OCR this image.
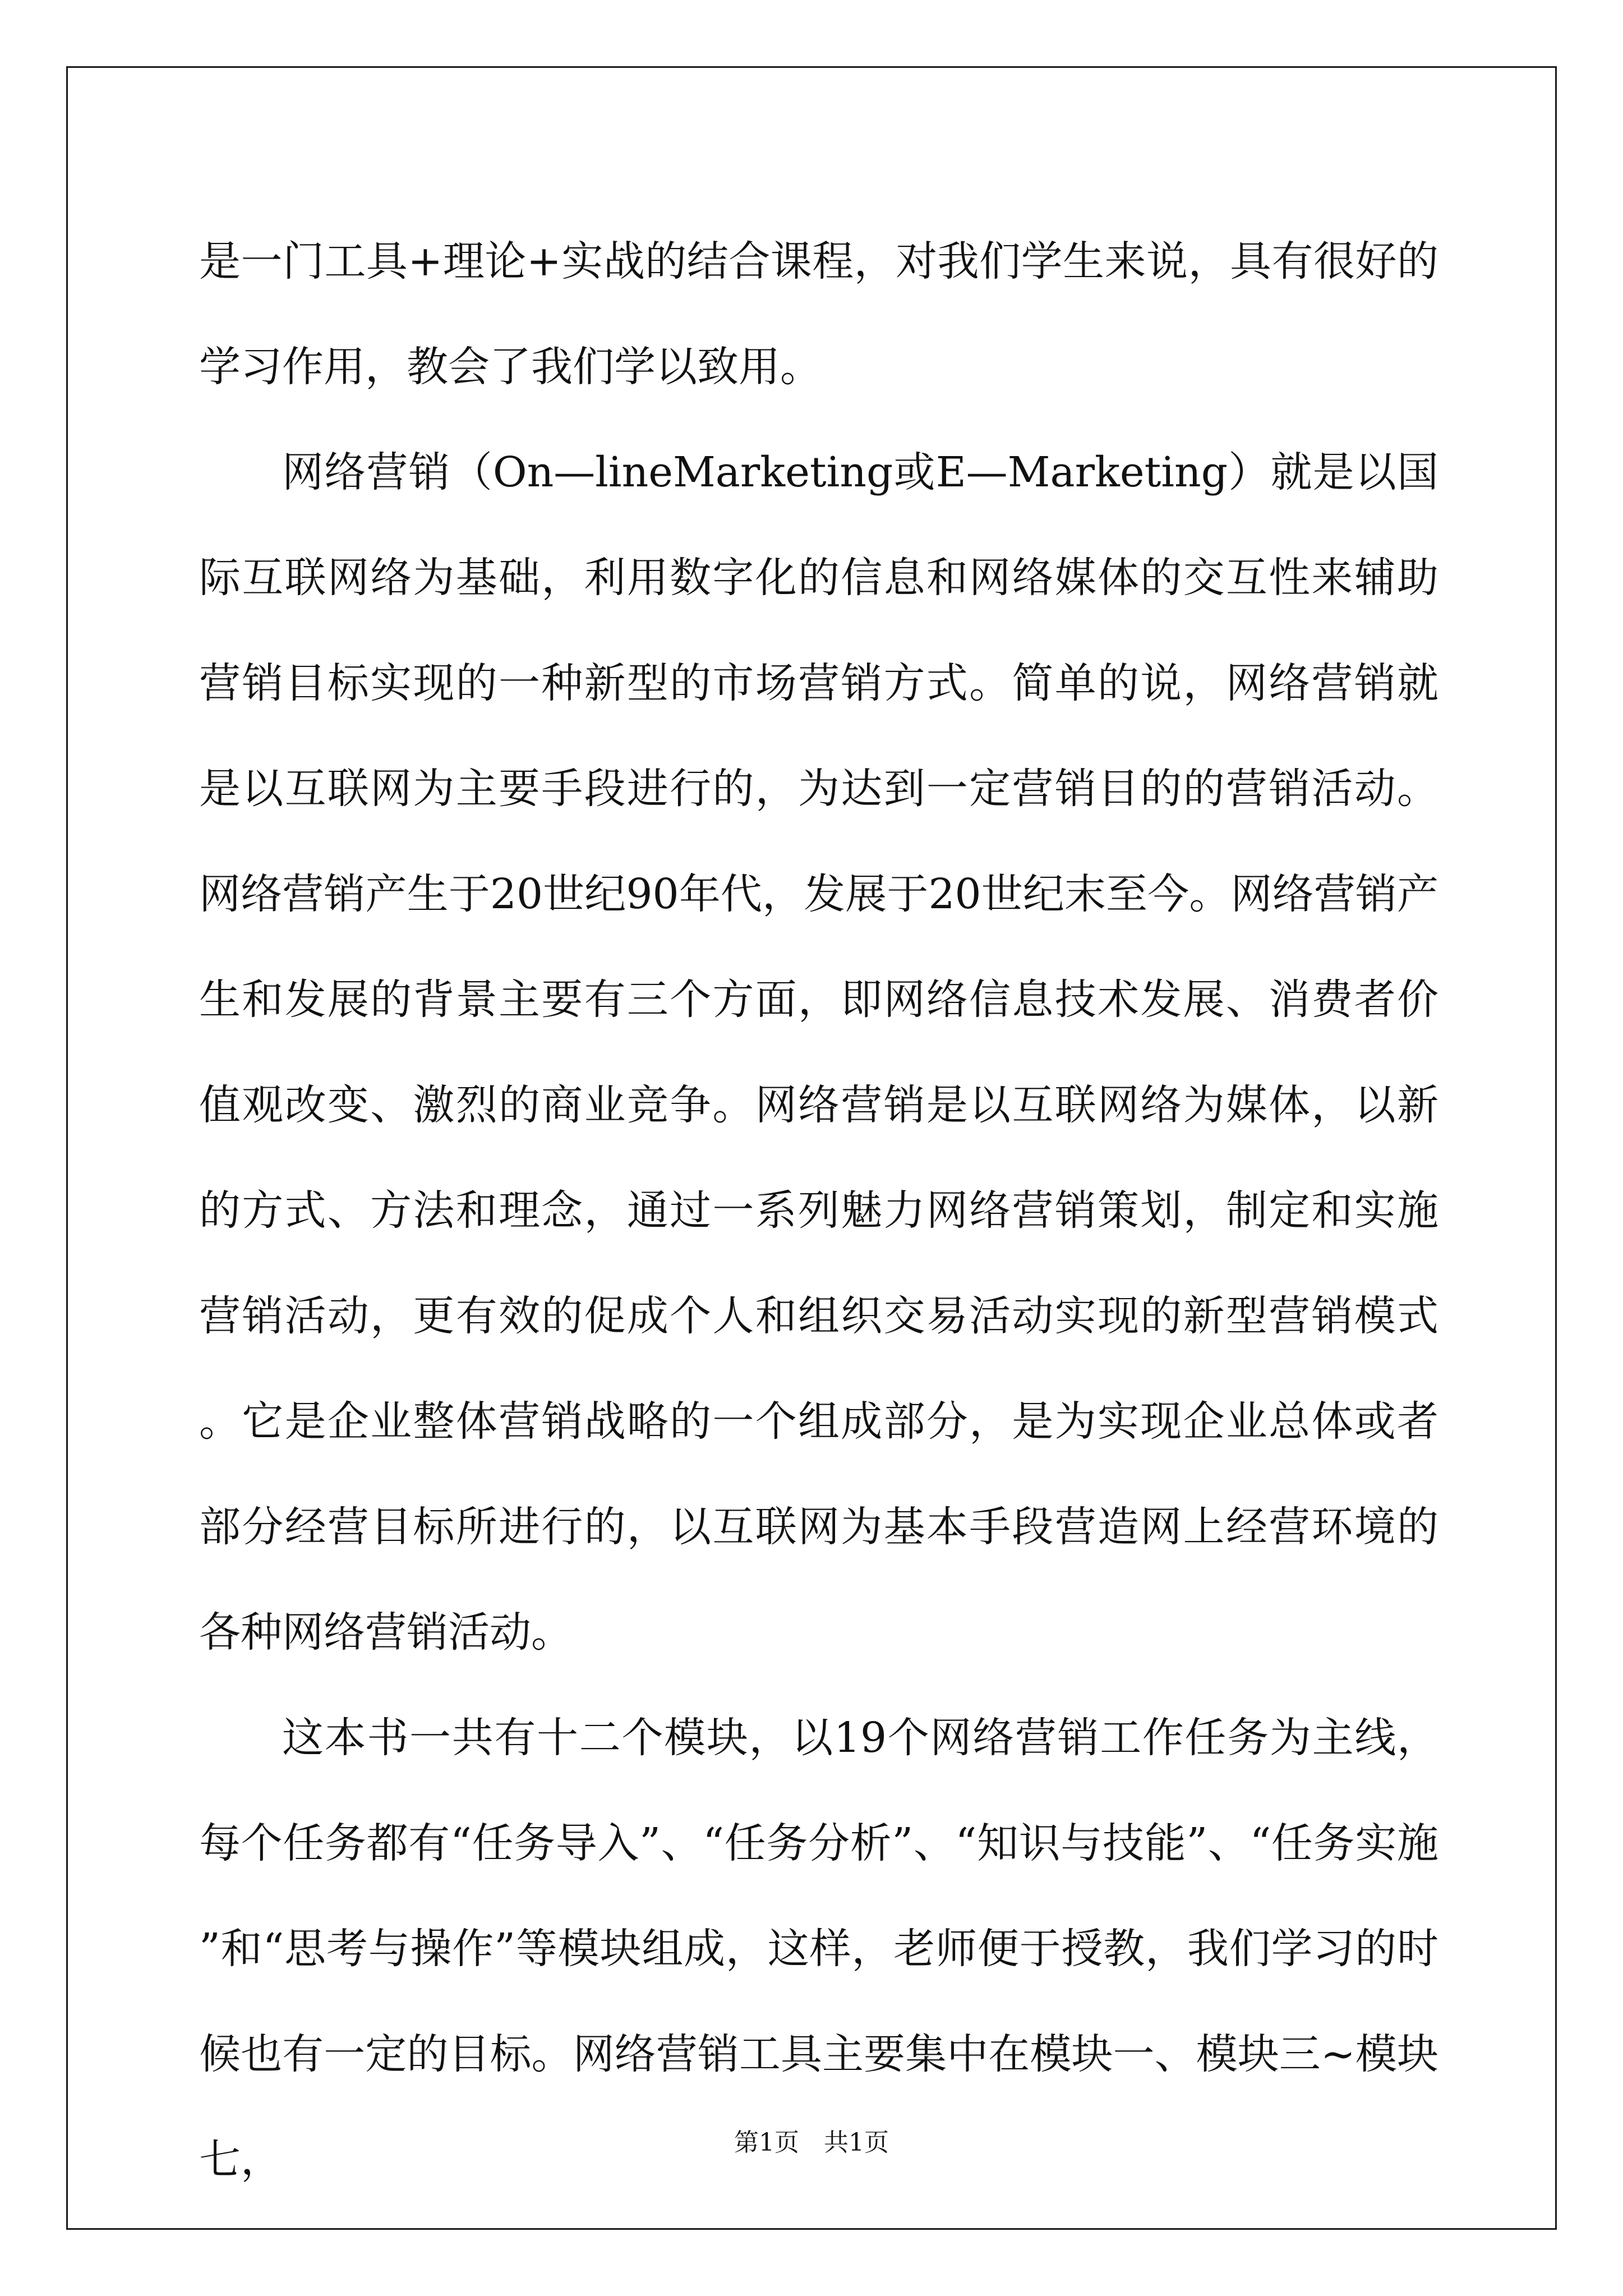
是一门工具+理论+实战的结合课程，对我们学生来说，具有很好的学习作用，教会了我们学以致用。

网络营销（On—lineMarketing或E—Marketing）就是以国际互联网络为基础，利用数字化的信息和网络媒体的交互性来辅助营销目标实现的一种新型的市场营销方式。简单的说，网络营销就是以互联网为主要手段进行的，为达到一定营销目的的营销活动。网络营销产生于20世纪90年代，发展于20世纪末至今。网络营销产生和发展的背景主要有三个方面，即网络信息技术发展、消费者价值观改变、激烈的商业竞争。网络营销是以互联网络为媒体，以新的方式、方法和理念，通过一系列魅力网络营销策划，制定和实施营销活动，更有效的促成个人和组织交易活动实现的新型营销模式。它是企业整体营销战略的一个组成部分，是为实现企业总体或者部分经营目标所进行的，以互联网为基本手段营造网上经营环境的各种网络营销活动。

这本书一共有十二个模块，以19个网络营销工作任务为主线，每个任务都有“任务导入”、“任务分析”、“知识与技能”、“任务实施”和“思考与操作”等模块组成，这样，老师便于授教，我们学习的时候也有一定的目标。网络营销工具主要集中在模块一、模块三~模块七，	第1页　共1页
